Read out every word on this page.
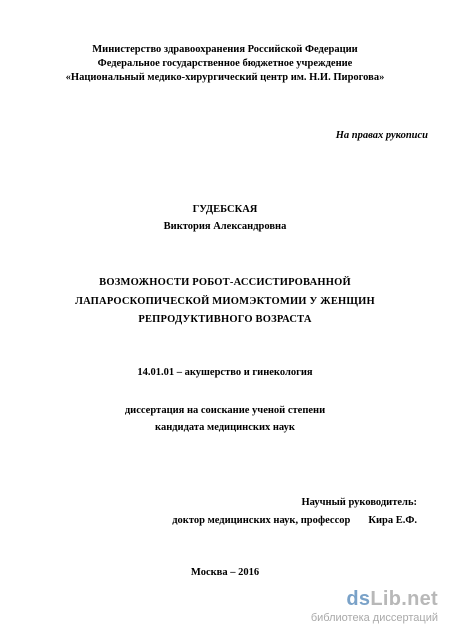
Министерство здравоохранения Российской Федерации
Федеральное государственное бюджетное учреждение
«Национальный медико-хирургический центр им. Н.И. Пирогова»
На правах рукописи
ГУДЕБСКАЯ
Виктория Александровна
ВОЗМОЖНОСТИ РОБОТ-АССИСТИРОВАННОЙ
ЛАПАРОСКОПИЧЕСКОЙ МИОМЭКТОМИИ У ЖЕНЩИН
РЕПРОДУКТИВНОГО ВОЗРАСТА
14.01.01 – акушерство и гинекология
диссертация на соискание ученой степени
кандидата медицинских наук
Научный руководитель:
доктор медицинских наук, профессор Кира Е.Ф.
Москва – 2016
dsLib.net
библиотека диссертаций
